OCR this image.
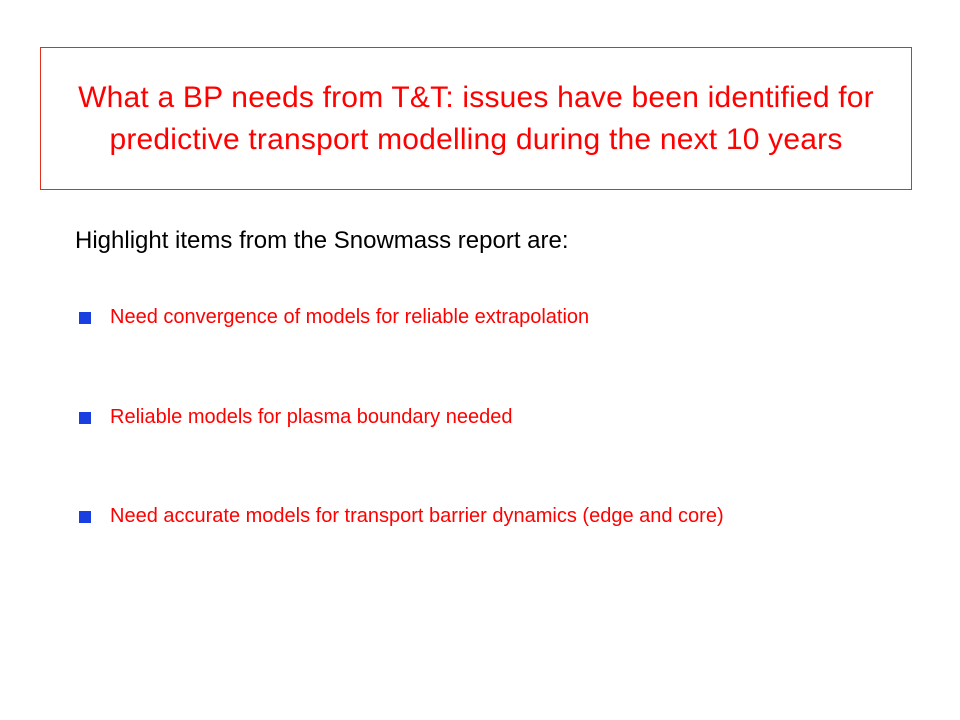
What a BP needs from T&T: issues have been identified for predictive transport modelling during the next 10 years
Highlight items from the Snowmass report are:
Need convergence of models for reliable extrapolation
Reliable models for plasma boundary needed
Need accurate models for transport barrier dynamics (edge and core)
